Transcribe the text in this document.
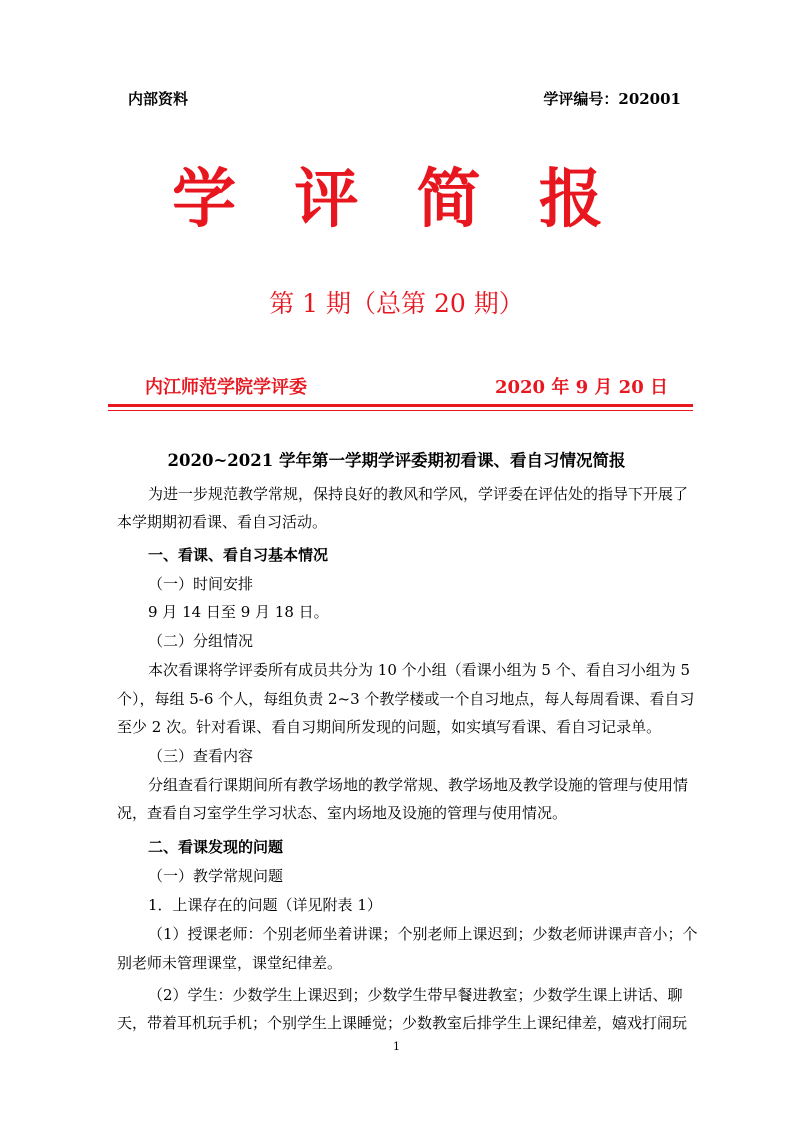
内部资料	学评编号：202001
学 评 简 报
第 1 期（总第 20 期）
内江师范学院学评委	2020 年 9 月 20 日
2020~2021 学年第一学期学评委期初看课、看自习情况简报
为进一步规范教学常规，保持良好的教风和学风，学评委在评估处的指导下开展了
本学期期初看课、看自习活动。
一、看课、看自习基本情况
（一）时间安排
9 月 14 日至 9 月 18 日。
（二）分组情况
本次看课将学评委所有成员共分为 10 个小组（看课小组为 5 个、看自习小组为 5
个），每组 5-6 个人，每组负责 2~3 个教学楼或一个自习地点，每人每周看课、看自习
至少 2 次。针对看课、看自习期间所发现的问题，如实填写看课、看自习记录单。
（三）查看内容
分组查看行课期间所有教学场地的教学常规、教学场地及教学设施的管理与使用情
况，查看自习室学生学习状态、室内场地及设施的管理与使用情况。
二、看课发现的问题
（一）教学常规问题
1．上课存在的问题（详见附表 1）
（1）授课老师：个别老师坐着讲课；个别老师上课迟到；少数老师讲课声音小；个
别老师未管理课堂，课堂纪律差。
（2）学生：少数学生上课迟到；少数学生带早餐进教室；少数学生课上讲话、聊
天，带着耳机玩手机；个别学生上课睡觉；少数教室后排学生上课纪律差，嬉戏打闹玩
1
